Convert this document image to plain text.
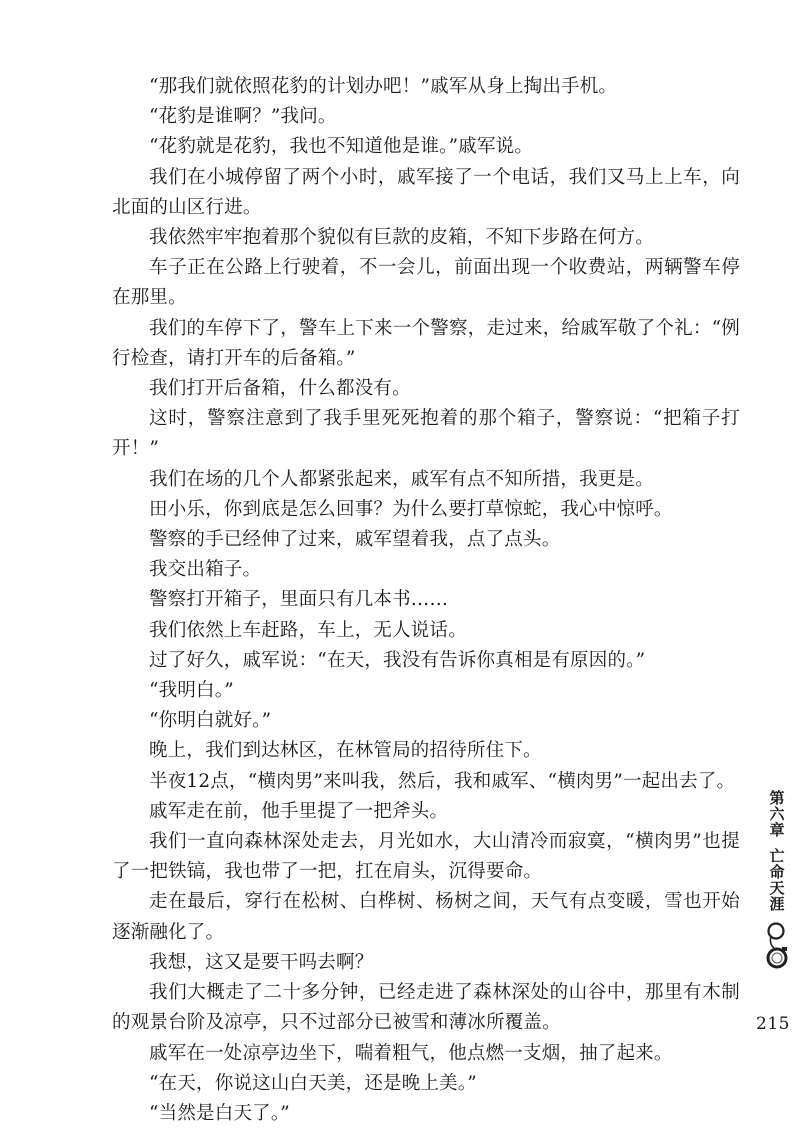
“那我们就依照花豹的计划办吧！”戚军从身上掏出手机。

“花豹是谁啊？”我问。

“花豹就是花豹，我也不知道他是谁。”戚军说。

我们在小城停留了两个小时，戚军接了一个电话，我们又马上上车，向北面的山区行进。

我依然牢牢抱着那个貌似有巨款的皮箱，不知下步路在何方。

车子正在公路上行驶着，不一会儿，前面出现一个收费站，两辆警车停在那里。

我们的车停下了，警车上下来一个警察，走过来，给戚军敬了个礼：“例行检查，请打开车的后备箱。”

我们打开后备箱，什么都没有。

这时，警察注意到了我手里死死抱着的那个箱子，警察说：“把箱子打开！”

我们在场的几个人都紧张起来，戚军有点不知所措，我更是。

田小乐，你到底是怎么回事？为什么要打草惊蛇，我心中惊呼。

警察的手已经伸了过来，戚军望着我，点了点头。

我交出箱子。

警察打开箱子，里面只有几本书……

我们依然上车赶路，车上，无人说话。

过了好久，戚军说：“在天，我没有告诉你真相是有原因的。”

“我明白。”

“你明白就好。”

晚上，我们到达林区，在林管局的招待所住下。

半夜12点，“横肉男”来叫我，然后，我和戚军、“横肉男”一起出去了。

戚军走在前，他手里提了一把斧头。

我们一直向森林深处走去，月光如水，大山清冷而寂寞，“横肉男”也提了一把铁镐，我也带了一把，扛在肩头，沉得要命。

走在最后，穿行在松树、白桦树、杨树之间，天气有点变暖，雪也开始逐渐融化了。

我想，这又是要干吗去啊？

我们大概走了二十多分钟，已经走进了森林深处的山谷中，那里有木制的观景台阶及凉亭，只不过部分已被雪和薄冰所覆盖。

戚军在一处凉亭边坐下，喘着粗气，他点燃一支烟，抽了起来。

“在天，你说这山白天美，还是晚上美。”

“当然是白天了。”

第六章亡命天涯
215
